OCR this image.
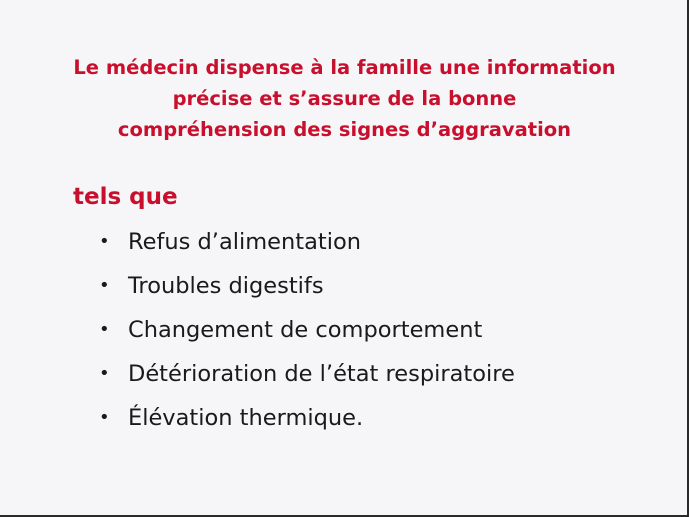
Le médecin dispense à la famille une information
précise et s’assure de la bonne
compréhension des signes d’aggravation
tels que
• Refus d’alimentation
• Troubles digestifs
• Changement de comportement
• Détérioration de l’état respiratoire
• Élévation thermique.
